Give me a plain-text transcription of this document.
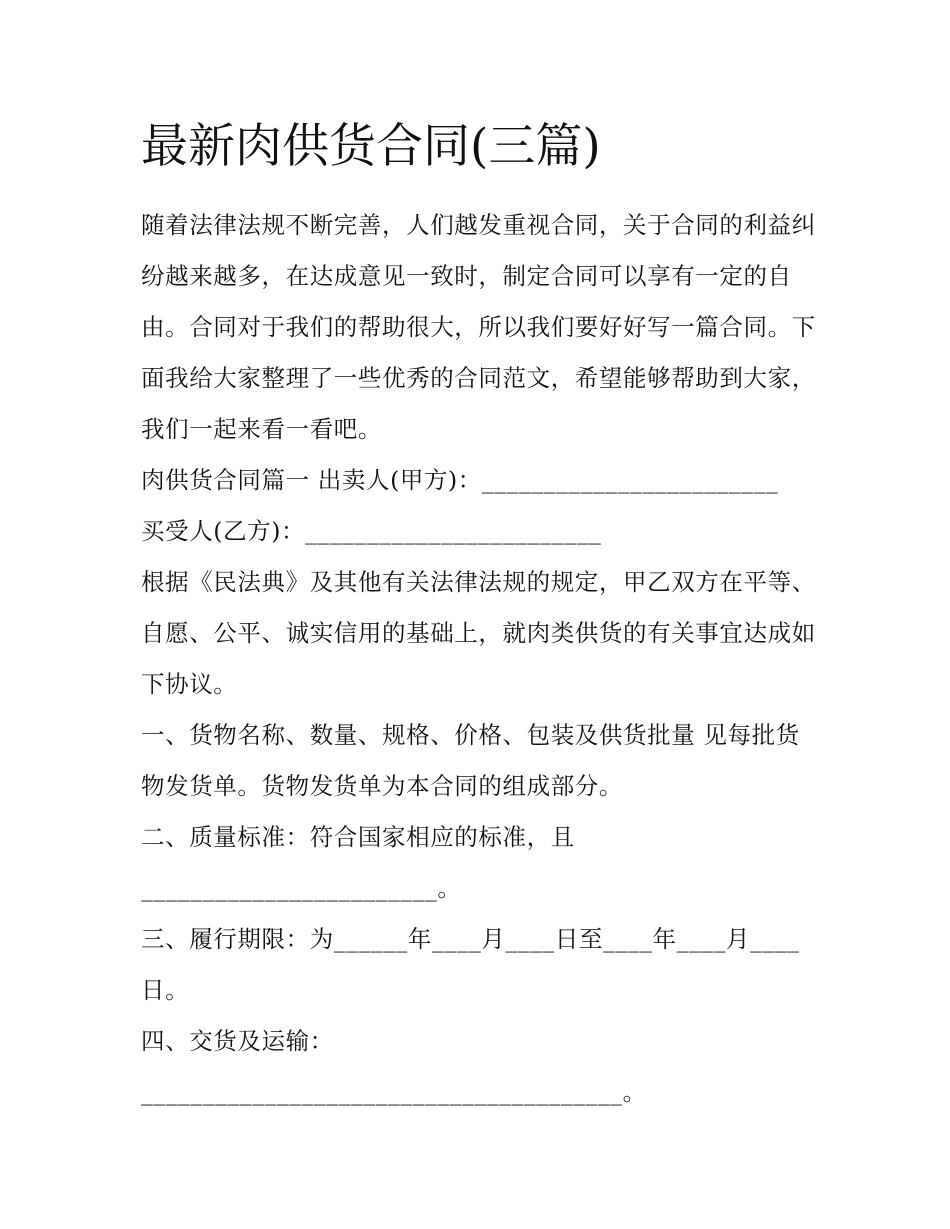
最新肉供货合同(三篇)

随着法律法规不断完善，人们越发重视合同，关于合同的利益纠纷越来越多，在达成意见一致时，制定合同可以享有一定的自由。合同对于我们的帮助很大，所以我们要好好写一篇合同。下面我给大家整理了一些优秀的合同范文，希望能够帮助到大家，我们一起来看一看吧。

肉供货合同篇一 出卖人(甲方)：________________________

买受人(乙方)：________________________

根据《民法典》及其他有关法律法规的规定，甲乙双方在平等、自愿、公平、诚实信用的基础上，就肉类供货的有关事宜达成如下协议。

一、货物名称、数量、规格、价格、包装及供货批量 见每批货物发货单。货物发货单为本合同的组成部分。

二、质量标准：符合国家相应的标准，且

________________________。

三、履行期限：为______年____月____日至____年____月____日。

四、交货及运输：

_______________________________________。
